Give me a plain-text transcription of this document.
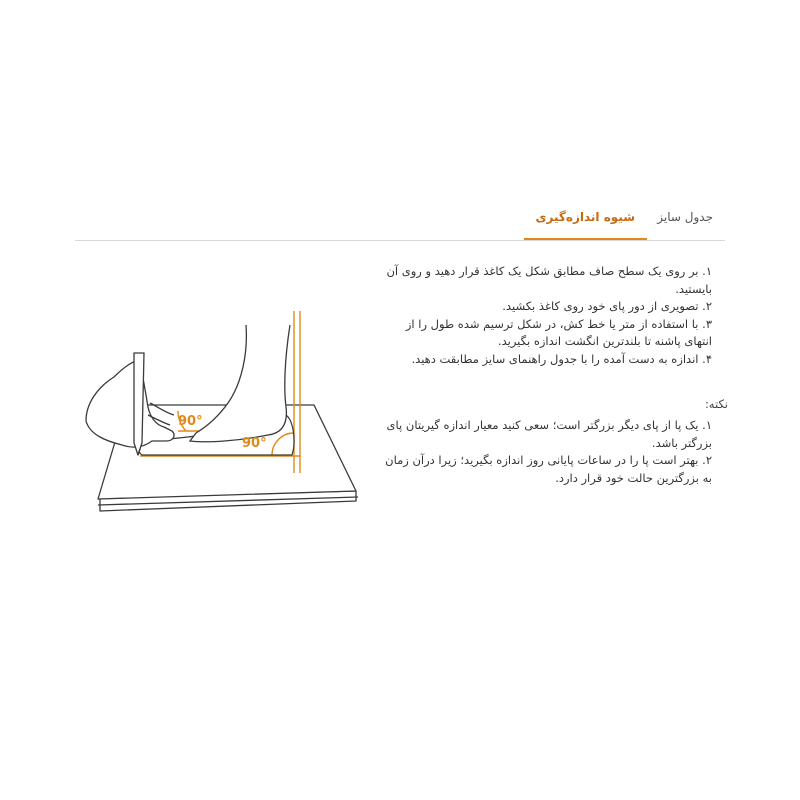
جدول سایز
شیوه اندازه‌گیری
90°
90°
۱. بر روی یک سطح صاف مطابق شکل یک کاغذ قرار دهید و روی آن بایستید.
۲. تصویری از دور پای خود روی کاغذ بکشید.
۳. با استفاده از متر یا خط کش، در شکل ترسیم شده طول را از انتهای پاشنه تا بلندترین انگشت اندازه بگیرید.
۴. اندازه به دست آمده را با جدول راهنمای سایز مطابقت دهید.
نکته:
۱. یک پا از پای دیگر بزرگتر است؛ سعی کنید معیار اندازه گیریتان پای بزرگتر باشد.
۲. بهتر است پا را در ساعات پایانی روز اندازه بگیرید؛ زیرا درآن زمان به بزرگترین حالت خود قرار دارد.
